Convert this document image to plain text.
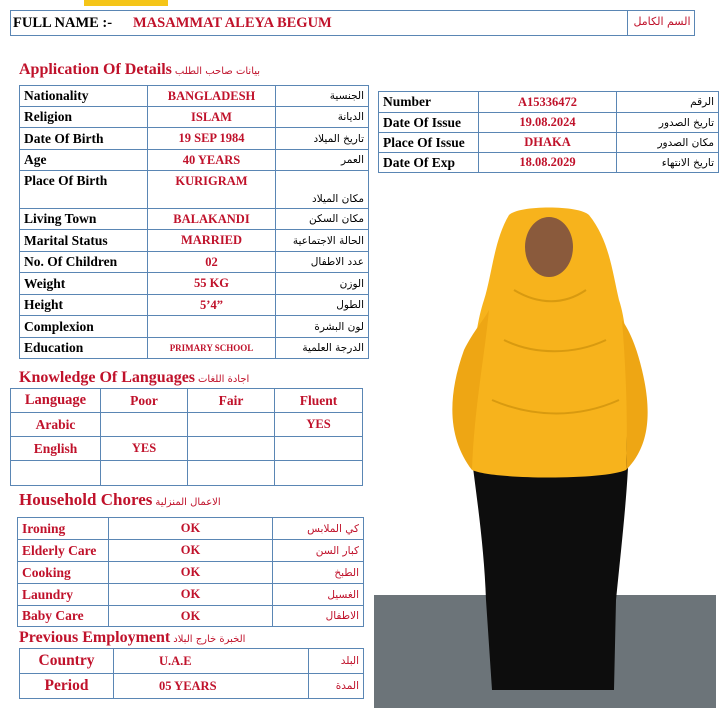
FULL NAME :- MASAMMAT ALEYA BEGUM	السم الكامل
Application Of Details بيانات صاحب الطلب
Nationality	BANGLADESH	الجنسية
Religion	ISLAM	الديانة
Date Of Birth	19 SEP 1984	تاريخ الميلاد
Age	40 YEARS	العمر
Place Of Birth	KURIGRAM	مكان الميلاد
Living Town	BALAKANDI	مكان السكن
Marital Status	MARRIED	الحالة الاجتماعية
No. Of Children	02	عدد الاطفال
Weight	55 KG	الوزن
Height	5’4”	الطول
Complexion		لون البشرة
Education	PRIMARY SCHOOL	الدرجة العلمية
Number	A15336472	الرقم
Date Of Issue	19.08.2024	تاريخ الصدور
Place Of Issue	DHAKA	مكان الصدور
Date Of Exp	18.08.2029	تاريخ الانتهاء
Knowledge Of Languages اجادة اللغات
Language	Poor	Fair	Fluent
Arabic			YES
English	YES		

Household Chores الاعمال المنزلية
Ironing	OK	كي الملابس
Elderly Care	OK	كبار السن
Cooking	OK	الطبخ
Laundry	OK	الغسيل
Baby Care	OK	الاطفال
Previous Employment الخبرة خارج البلاد
Country	U.A.E	البلد
Period	05 YEARS	المدة
